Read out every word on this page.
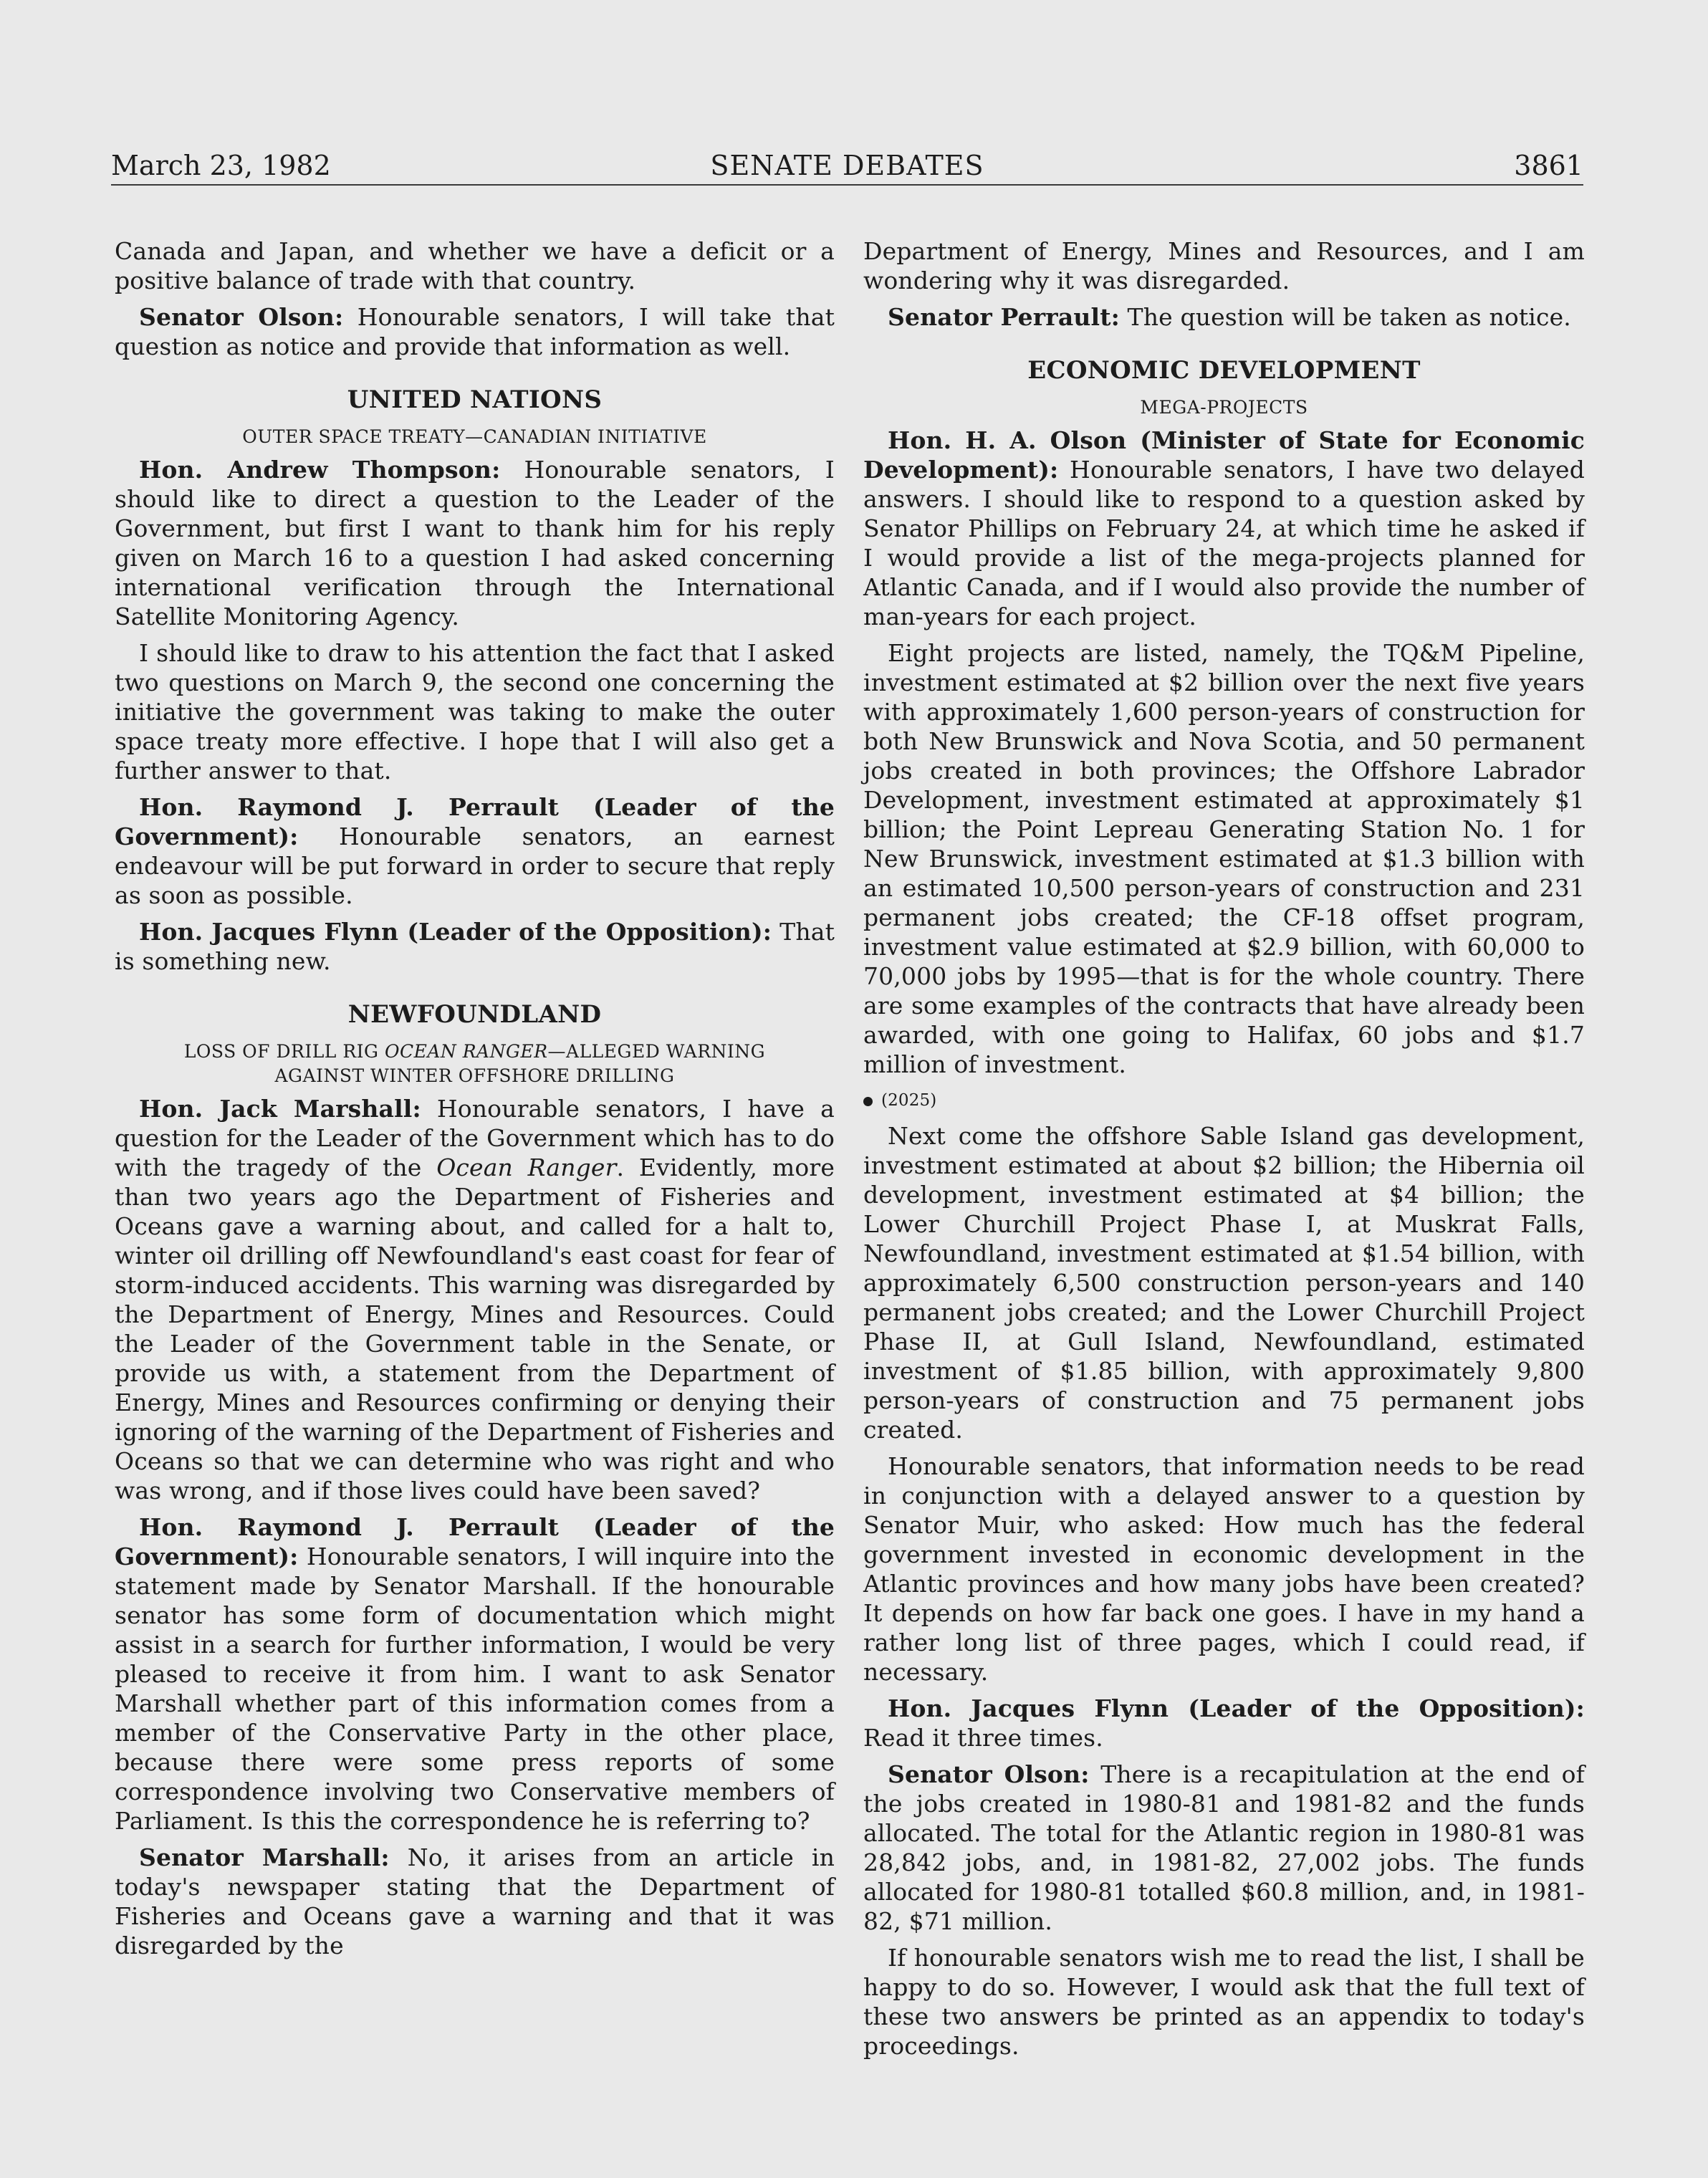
March 23, 1982	SENATE DEBATES	3861

Canada and Japan, and whether we have a deficit or a positive balance of trade with that country.

Senator Olson: Honourable senators, I will take that question as notice and provide that information as well.

UNITED NATIONS
OUTER SPACE TREATY—CANADIAN INITIATIVE

Hon. Andrew Thompson: Honourable senators, I should like to direct a question to the Leader of the Government, but first I want to thank him for his reply given on March 16 to a question I had asked concerning international verification through the International Satellite Monitoring Agency.

I should like to draw to his attention the fact that I asked two questions on March 9, the second one concerning the initiative the government was taking to make the outer space treaty more effective. I hope that I will also get a further answer to that.

Hon. Raymond J. Perrault (Leader of the Government): Honourable senators, an earnest endeavour will be put forward in order to secure that reply as soon as possible.

Hon. Jacques Flynn (Leader of the Opposition): That is something new.

NEWFOUNDLAND
LOSS OF DRILL RIG OCEAN RANGER—ALLEGED WARNING
AGAINST WINTER OFFSHORE DRILLING

Hon. Jack Marshall: Honourable senators, I have a question for the Leader of the Government which has to do with the tragedy of the Ocean Ranger. Evidently, more than two years ago the Department of Fisheries and Oceans gave a warning about, and called for a halt to, winter oil drilling off Newfoundland's east coast for fear of storm-induced accidents. This warning was disregarded by the Department of Energy, Mines and Resources. Could the Leader of the Government table in the Senate, or provide us with, a statement from the Department of Energy, Mines and Resources confirming or denying their ignoring of the warning of the Department of Fisheries and Oceans so that we can determine who was right and who was wrong, and if those lives could have been saved?

Hon. Raymond J. Perrault (Leader of the Government): Honourable senators, I will inquire into the statement made by Senator Marshall. If the honourable senator has some form of documentation which might assist in a search for further information, I would be very pleased to receive it from him. I want to ask Senator Marshall whether part of this information comes from a member of the Conservative Party in the other place, because there were some press reports of some correspondence involving two Conservative members of Parliament. Is this the correspondence he is referring to?

Senator Marshall: No, it arises from an article in today's newspaper stating that the Department of Fisheries and Oceans gave a warning and that it was disregarded by the

Department of Energy, Mines and Resources, and I am wondering why it was disregarded.

Senator Perrault: The question will be taken as notice.

ECONOMIC DEVELOPMENT
MEGA-PROJECTS

Hon. H. A. Olson (Minister of State for Economic Development): Honourable senators, I have two delayed answers. I should like to respond to a question asked by Senator Phillips on February 24, at which time he asked if I would provide a list of the mega-projects planned for Atlantic Canada, and if I would also provide the number of man-years for each project.

Eight projects are listed, namely, the TQ&M Pipeline, investment estimated at $2 billion over the next five years with approximately 1,600 person-years of construction for both New Brunswick and Nova Scotia, and 50 permanent jobs created in both provinces; the Offshore Labrador Development, investment estimated at approximately $1 billion; the Point Lepreau Generating Station No. 1 for New Brunswick, investment estimated at $1.3 billion with an estimated 10,500 person-years of construction and 231 permanent jobs created; the CF-18 offset program, investment value estimated at $2.9 billion, with 60,000 to 70,000 jobs by 1995—that is for the whole country. There are some examples of the contracts that have already been awarded, with one going to Halifax, 60 jobs and $1.7 million of investment.

(2025)

Next come the offshore Sable Island gas development, investment estimated at about $2 billion; the Hibernia oil development, investment estimated at $4 billion; the Lower Churchill Project Phase I, at Muskrat Falls, Newfoundland, investment estimated at $1.54 billion, with approximately 6,500 construction person-years and 140 permanent jobs created; and the Lower Churchill Project Phase II, at Gull Island, Newfoundland, estimated investment of $1.85 billion, with approximately 9,800 person-years of construction and 75 permanent jobs created.

Honourable senators, that information needs to be read in conjunction with a delayed answer to a question by Senator Muir, who asked: How much has the federal government invested in economic development in the Atlantic provinces and how many jobs have been created? It depends on how far back one goes. I have in my hand a rather long list of three pages, which I could read, if necessary.

Hon. Jacques Flynn (Leader of the Opposition): Read it three times.

Senator Olson: There is a recapitulation at the end of the jobs created in 1980-81 and 1981-82 and the funds allocated. The total for the Atlantic region in 1980-81 was 28,842 jobs, and, in 1981-82, 27,002 jobs. The funds allocated for 1980-81 totalled $60.8 million, and, in 1981-82, $71 million.

If honourable senators wish me to read the list, I shall be happy to do so. However, I would ask that the full text of these two answers be printed as an appendix to today's proceedings.
